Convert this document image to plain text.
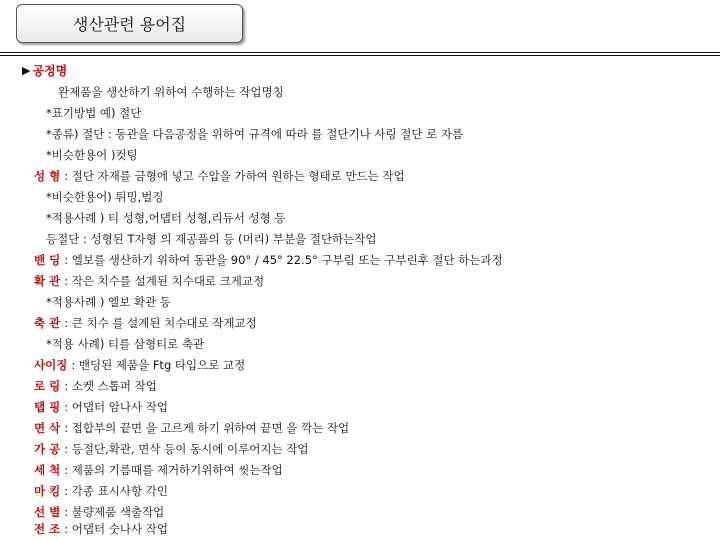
생산관련 용어집
▶ 공정명
완제품을 생산하기 위하여 수행하는 작업명칭
*표기방법 예) 절단
*종류) 절단 : 동관을 다음공정을 위하여 규격에 따라 를 절단기나 사링 절단 로 자름
*비슷한용어 )컷팅
성 형 : 절단 자재를 금형에 넣고 수압을 가하여 원하는 형태로 만드는 작업
*비슷한용어) 튀밍,벌징
*적용사례 ) 티 성형,어댑터 성형,리듀서 성형 등
등절단 : 성형된 T자형 의 재공품의 등 (머리) 부분을 절단하는작업
밴 딩 : 엘보를 생산하기 위하여 동관을 90° / 45° 22.5° 구부림 또는 구부린후 절단 하는과정
확 관 : 작은 치수를 설계된 치수대로 크게교정
*적용사례 ) 엘보 확관 등
축 관 : 큰 치수 를 설계된 치수대로 작게교정
*적용 사례) 티를 삼형티로 축관
사이징 : 밴딩된 제품을 Ftg 타입으로 교정
로 링 : 소켓 스톱퍼 작업
탭 핑 : 어댑터 암나사 작업
면 삭 : 접합부의 끝면 을 고르게 하기 위하여 끝면 을 깍는 작업
가 공 : 등절단,확관, 면삭 등이 동시에 이루어지는 작업
세 척 : 제품의 기름때를 제거하기위하여 씻는작업
마 킹 : 각종 표시사항 각인
선 별 : 불량제품 색출작업
전 조 : 어댑터 숫나사 작업
